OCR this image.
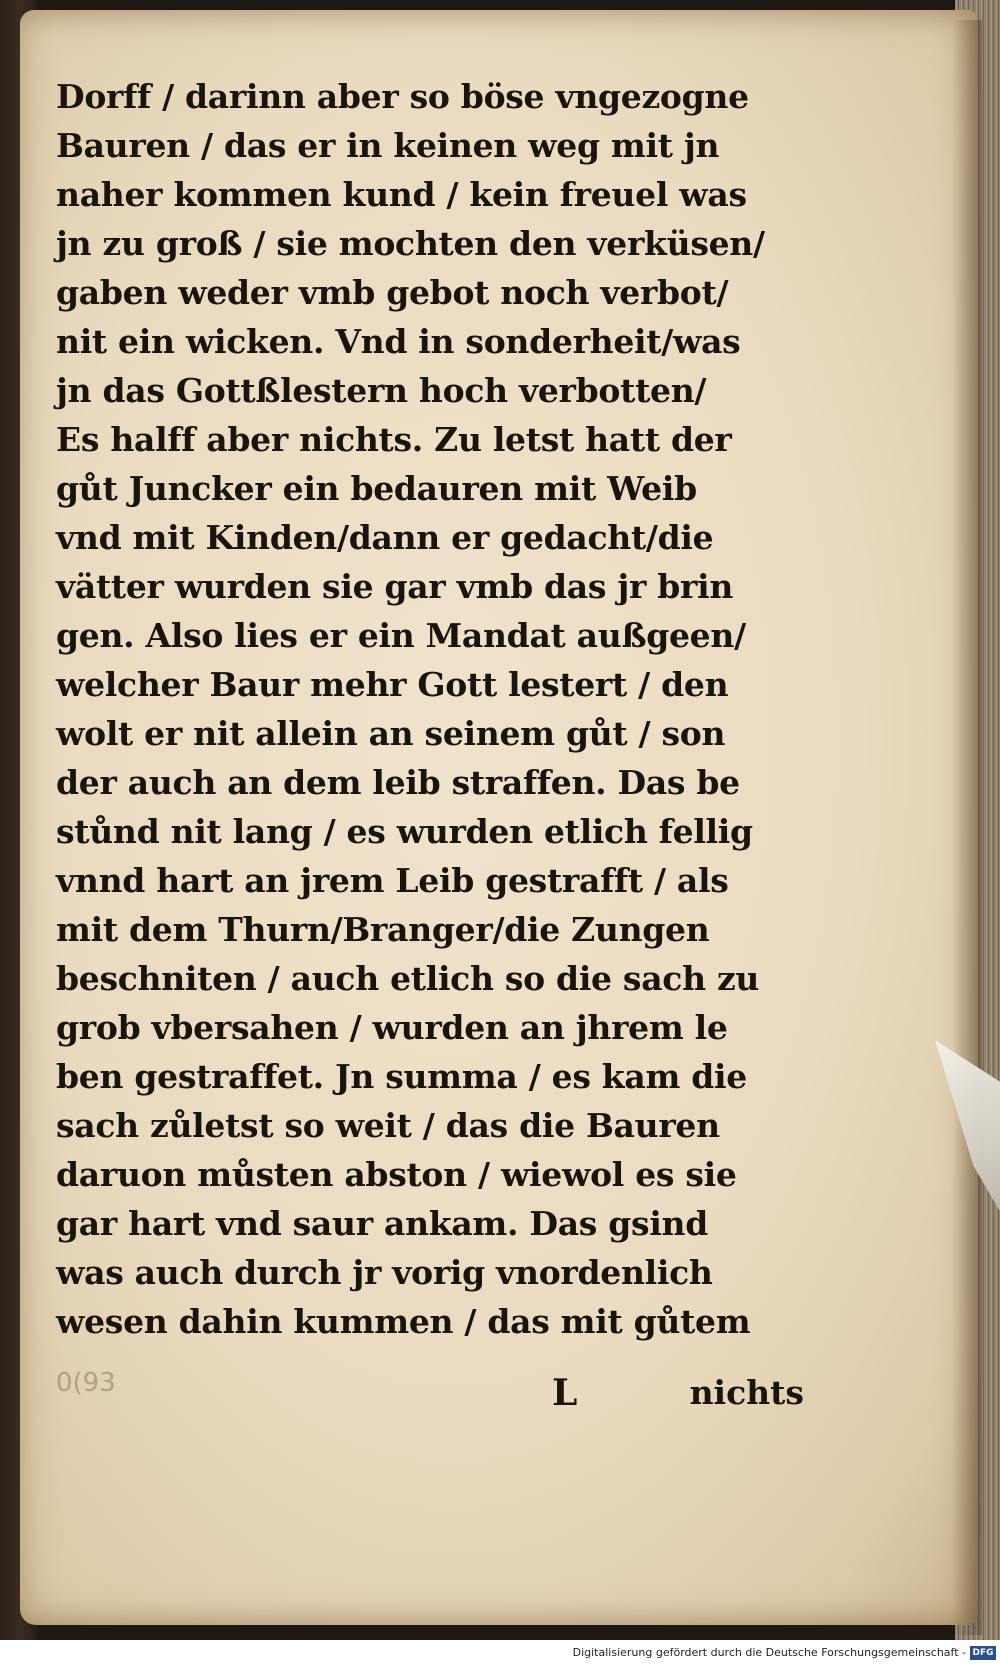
Dorff / darinn aber so böse vngezogne
Bauren / das er in keinen weg mit jn
naher kommen kund / kein freuel was
jn zu groß / sie mochten den verküsen/
gaben weder vmb gebot noch verbot/
nit ein wicken. Vnd in sonderheit/was
jn das Gottßlestern hoch verbotten/
Es halff aber nichts. Zu letst hatt der
gůt Juncker ein bedauren mit Weib
vnd mit Kinden/dann er gedacht/die
vätter wurden sie gar vmb das jr brin
gen. Also lies er ein Mandat außgeen/
welcher Baur mehr Gott lestert / den
wolt er nit allein an seinem gůt / son
der auch an dem leib straffen. Das be
stůnd nit lang / es wurden etlich fellig
vnnd hart an jrem Leib gestrafft / als
mit dem Thurn/Branger/die Zungen
beschniten / auch etlich so die sach zu
grob vbersahen / wurden an jhrem le
ben gestraffet. Jn summa / es kam die
sach zůletst so weit / das die Bauren
daruon můsten abston / wiewol es sie
gar hart vnd saur ankam. Das gsind
was auch durch jr vorig vnordenlich
wesen dahin kummen / das mit gůtem
0(93	L	nichts
Digitalisierung gefördert durch die Deutsche Forschungsgemeinschaft - DFG
